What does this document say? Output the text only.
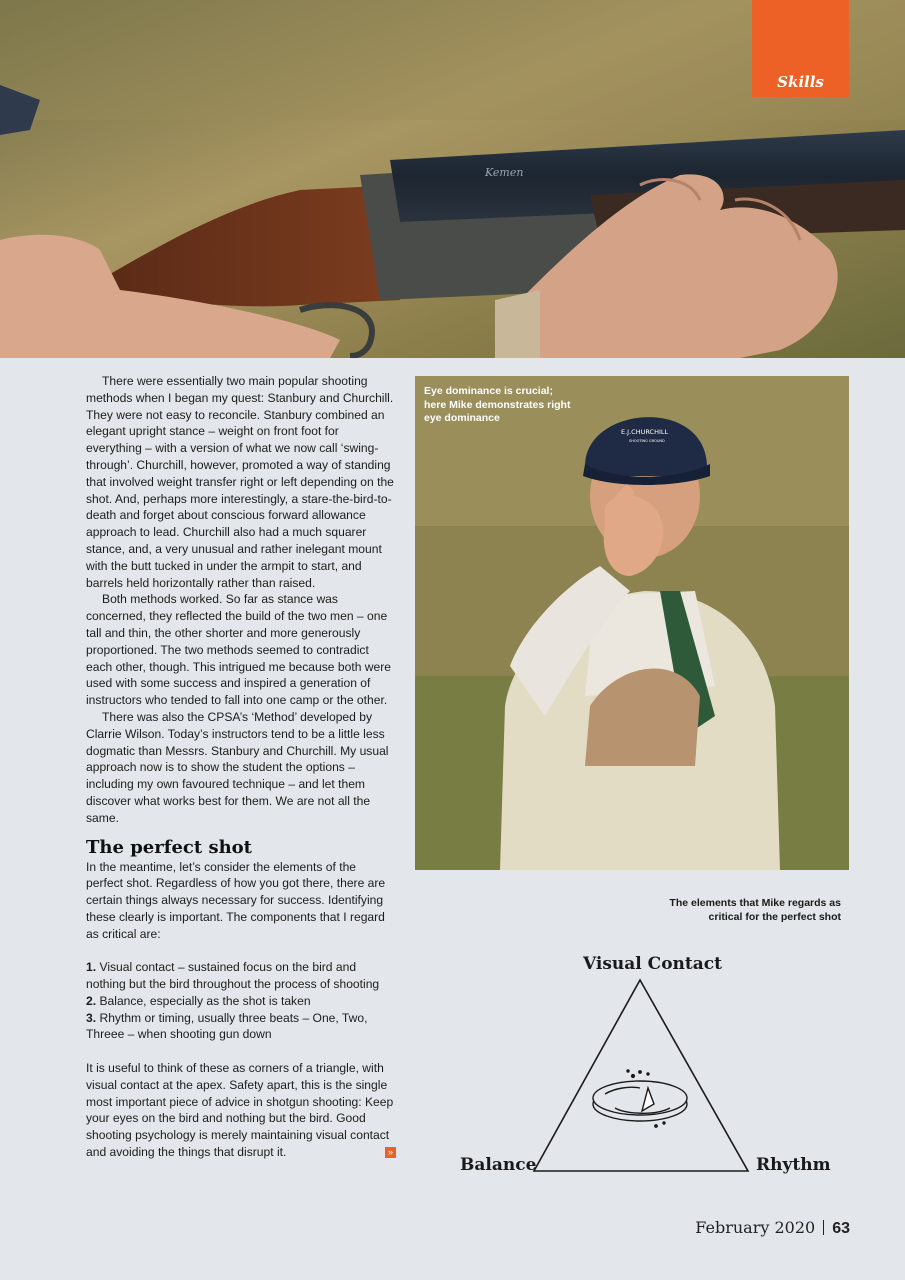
Kemen
Skills

There were essentially two main popular shooting methods when I began my quest: Stanbury and Churchill. They were not easy to reconcile. Stanbury combined an elegant upright stance – weight on front foot for everything – with a version of what we now call ‘swing-through’. Churchill, however, promoted a way of standing that involved weight transfer right or left depending on the shot. And, perhaps more interestingly, a stare-the-bird-to-death and forget about conscious forward allowance approach to lead. Churchill also had a much squarer stance, and, a very unusual and rather inelegant mount with the butt tucked in under the armpit to start, and barrels held horizontally rather than raised.

Both methods worked. So far as stance was concerned, they reflected the build of the two men – one tall and thin, the other shorter and more generously proportioned. The two methods seemed to contradict each other, though. This intrigued me because both were used with some success and inspired a generation of instructors who tended to fall into one camp or the other.

There was also the CPSA’s ‘Method’ developed by Clarrie Wilson. Today’s instructors tend to be a little less dogmatic than Messrs. Stanbury and Churchill. My usual approach now is to show the student the options – including my own favoured technique – and let them discover what works best for them. We are not all the same.

The perfect shot

In the meantime, let’s consider the elements of the perfect shot. Regardless of how you got there, there are certain things always necessary for success. Identifying these clearly is important. The components that I regard as critical are:

1. Visual contact – sustained focus on the bird and nothing but the bird throughout the process of shooting

2. Balance, especially as the shot is taken

3. Rhythm or timing, usually three beats – One, Two, Threee – when shooting gun down

It is useful to think of these as corners of a triangle, with visual contact at the apex. Safety apart, this is the single most important piece of advice in shotgun shooting: Keep your eyes on the bird and nothing but the bird. Good shooting psychology is merely maintaining visual contact and avoiding the things that disrupt it.	»

E.J.CHURCHILL
SHOOTING GROUND
Eye dominance is crucial; here Mike demonstrates right eye dominance
The elements that Mike regards as critical for the perfect shot
Visual Contact
Balance	Rhythm
February 2020 63
